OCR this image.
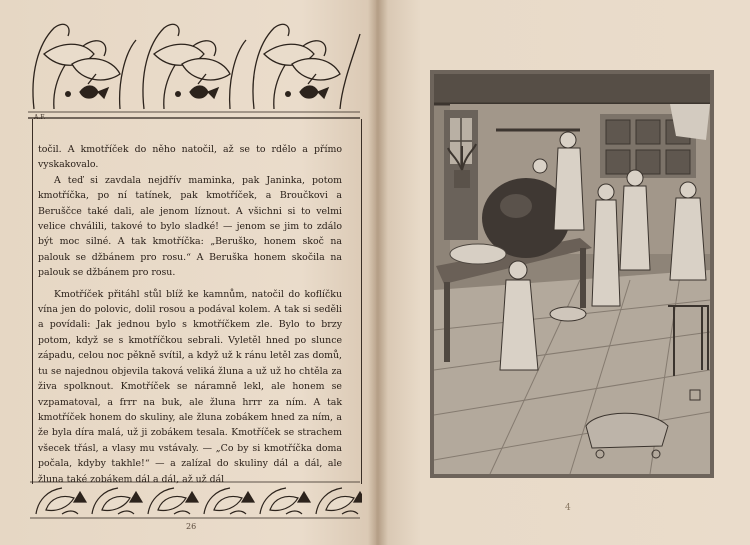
A.F.

točil. A kmotříček do něho natočil, až se to rdělo a přímo vyskakovalo.

A teď si zavdala nejdřív maminka, pak Janinka, potom kmotříčka, po ní tatínek, pak kmotříček, a Broučkovi a Beruščce také dali, ale jenom líznout. A všichni si to velmi velice chválili, takové to bylo sladké! — jenom se jim to zdálo být moc silné. A tak kmotříčka: „Beruško, honem skoč na palouk se džbánem pro rosu.“ A Beruška honem skočila na palouk se džbánem pro rosu.

Kmotříček přitáhl stůl blíž ke kamnům, natočil do koflíčku vína jen do polovic, dolil rosou a podával kolem. A tak si seděli a povídali: Jak jednou bylo s kmotříčkem zle. Bylo to brzy potom, když se s kmotříčkou sebrali. Vyletěl hned po slunce západu, celou noc pěkně svítil, a když už k ránu letěl zas domů, tu se najednou objevila taková veliká žluna a už už ho chtěla za živa spolknout. Kmotříček se náramně lekl, ale honem se vzpamatoval, a frrr na buk, ale žluna hrrr za ním. A tak kmotříček honem do skuliny, ale žluna zobákem hned za ním, a že byla díra malá, už ji zobákem tesala. Kmotříček se strachem všecek třásl, a vlasy mu vstávaly. — „Co by si kmotříčka doma počala, kdyby takhle!“ — a zalízal do skuliny dál a dál, ale žluna také zobákem dál a dál, až už dál

26
4
